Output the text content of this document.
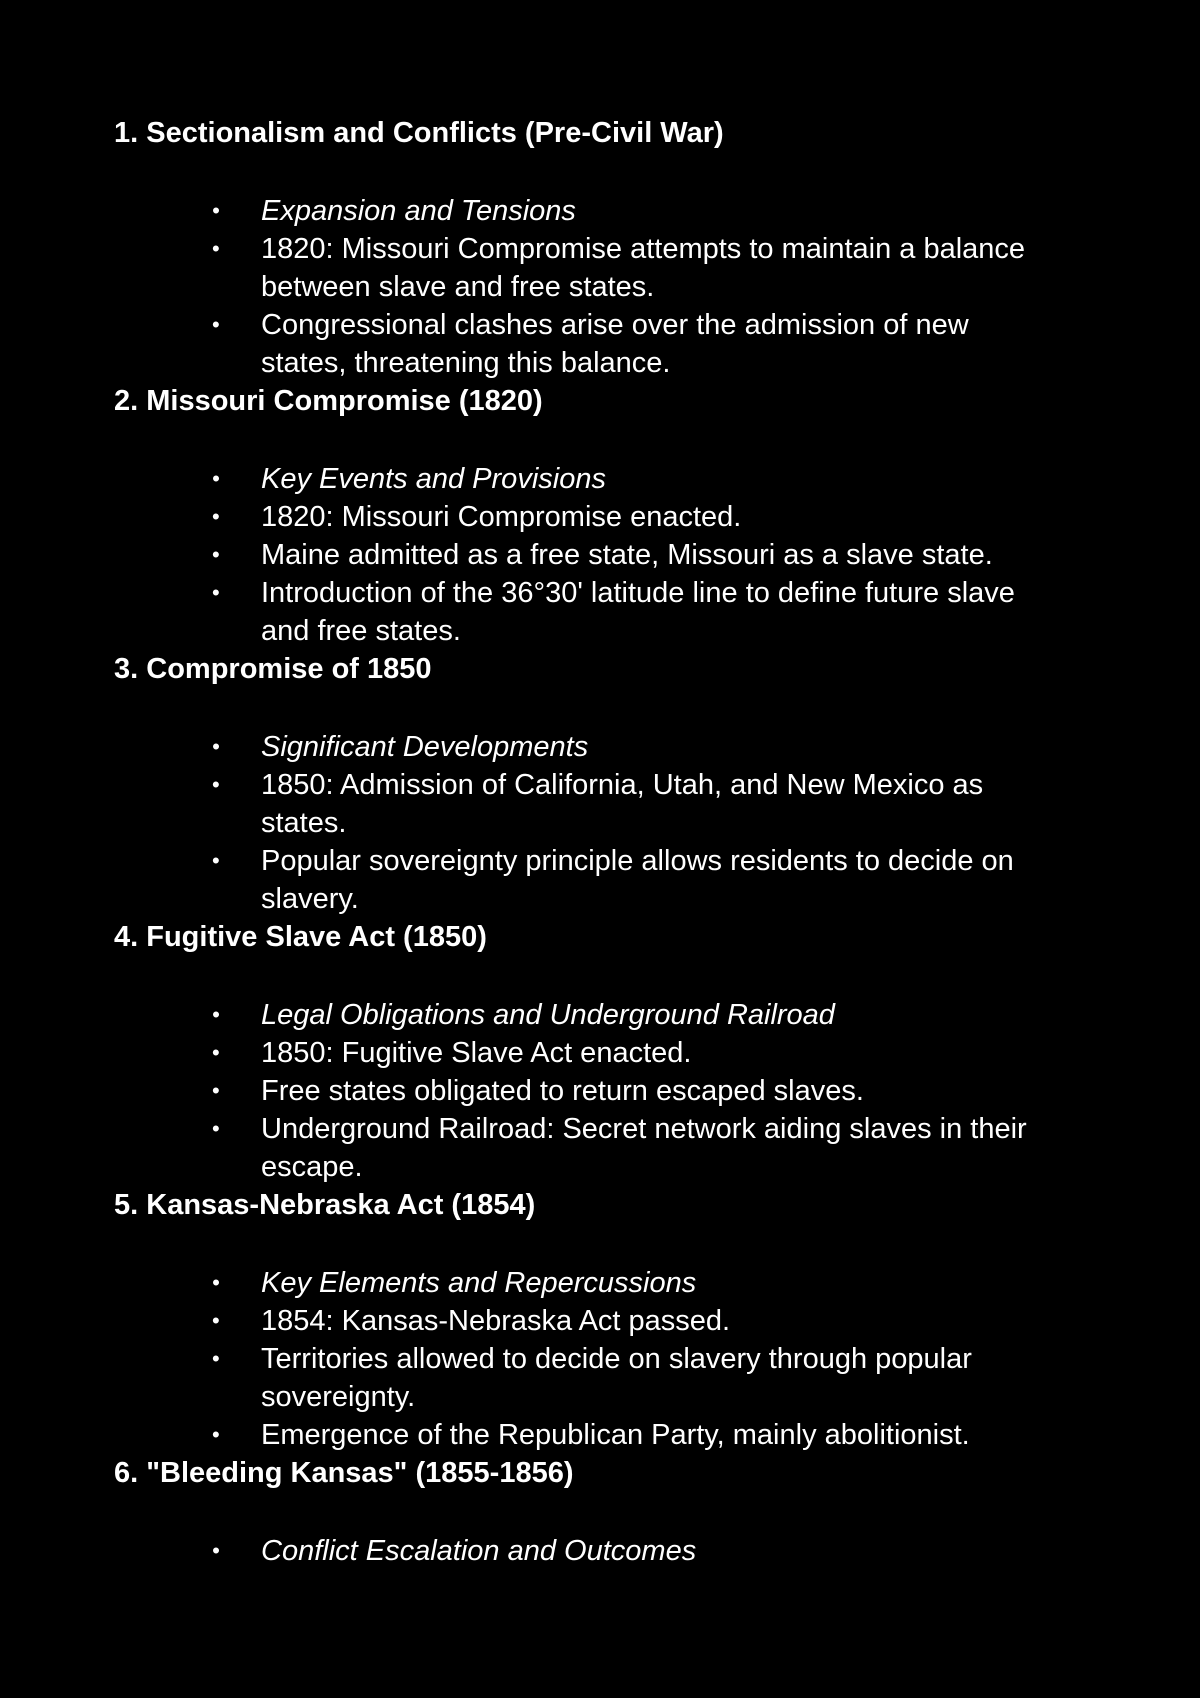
1. Sectionalism and Conflicts (Pre-Civil War)
• Expansion and Tensions
• 1820: Missouri Compromise attempts to maintain a balance between slave and free states.
• Congressional clashes arise over the admission of new states, threatening this balance.
2. Missouri Compromise (1820)
• Key Events and Provisions
• 1820: Missouri Compromise enacted.
• Maine admitted as a free state, Missouri as a slave state.
• Introduction of the 36°30' latitude line to define future slave and free states.
3. Compromise of 1850
• Significant Developments
• 1850: Admission of California, Utah, and New Mexico as states.
• Popular sovereignty principle allows residents to decide on slavery.
4. Fugitive Slave Act (1850)
• Legal Obligations and Underground Railroad
• 1850: Fugitive Slave Act enacted.
• Free states obligated to return escaped slaves.
• Underground Railroad: Secret network aiding slaves in their escape.
5. Kansas-Nebraska Act (1854)
• Key Elements and Repercussions
• 1854: Kansas-Nebraska Act passed.
• Territories allowed to decide on slavery through popular sovereignty.
• Emergence of the Republican Party, mainly abolitionist.
6. "Bleeding Kansas" (1855-1856)
• Conflict Escalation and Outcomes
